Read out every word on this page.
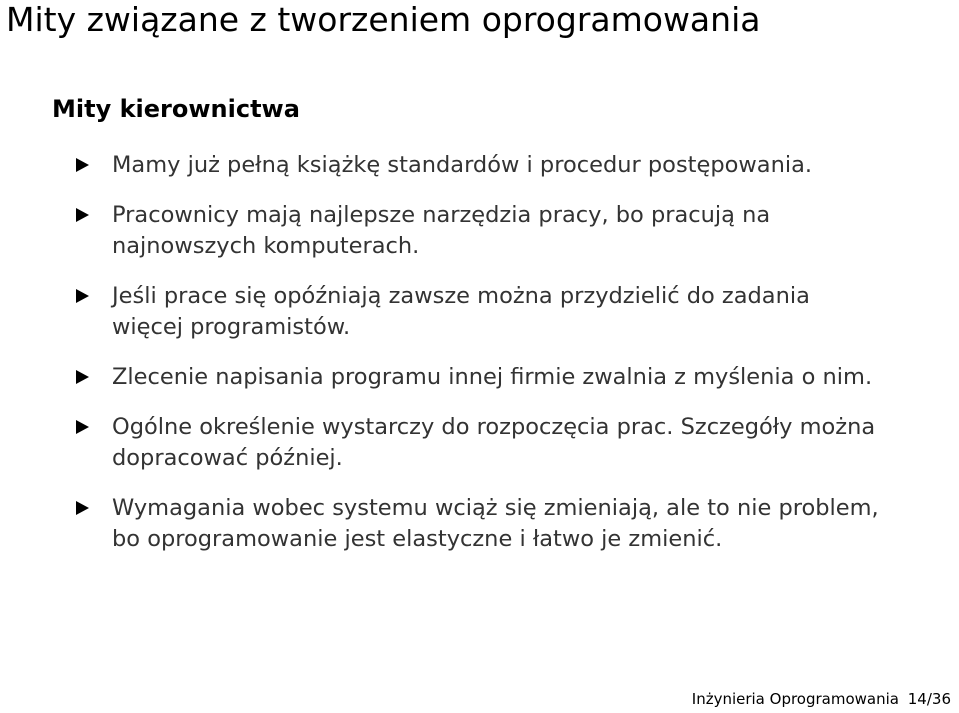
Mity związane z tworzeniem oprogramowania
Mity kierownictwa
Mamy już pełną książkę standardów i procedur postępowania.
Pracownicy mają najlepsze narzędzia pracy, bo pracują na najnowszych komputerach.
Jeśli prace się opóźniają zawsze można przydzielić do zadania więcej programistów.
Zlecenie napisania programu innej firmie zwalnia z myślenia o nim.
Ogólne określenie wystarczy do rozpoczęcia prac. Szczegóły można dopracować później.
Wymagania wobec systemu wciąż się zmieniają, ale to nie problem, bo oprogramowanie jest elastyczne i łatwo je zmienić.
Inżynieria Oprogramowania 14/36
